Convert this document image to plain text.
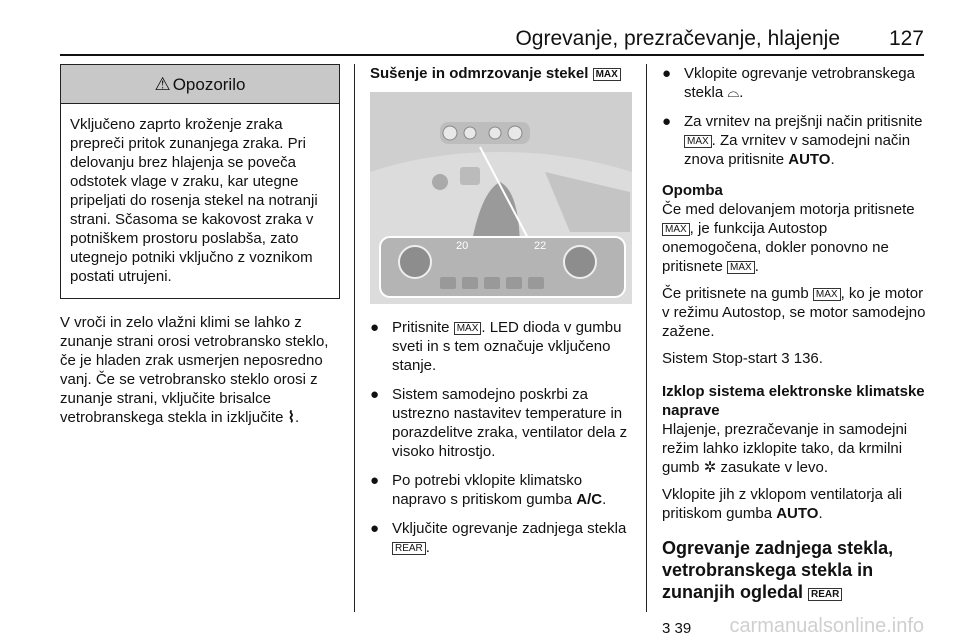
Ogrevanje, prezračevanje, hlajenje 127
⚠ Opozorilo
Vključeno zaprto kroženje zraka prepreči pritok zunanjega zraka. Pri delovanju brez hlajenja se poveča odstotek vlage v zraku, kar utegne pripeljati do rosenja stekel na notranji strani. Sčasoma se kakovost zraka v potniškem prostoru poslabša, zato utegnejo potniki vključno z voznikom postati utrujeni.

V vroči in zelo vlažni klimi se lahko z zunanje strani orosi vetrobransko steklo, če je hladen zrak usmerjen neposredno vanj. Če se vetrobransko steklo orosi z zunanje strani, vključite brisalce vetrobranskega stekla in izključite ⌇.

Sušenje in odmrzovanje stekel MAX
20	22
● Pritisnite MAX . LED dioda v gumbu sveti in s tem označuje vključeno stanje.
● Sistem samodejno poskrbi za ustrezno nastavitev temperature in porazdelitve zraka, ventilator dela z visoko hitrostjo.
● Po potrebi vklopite klimatsko napravo s pritiskom gumba A/C.
● Vključite ogrevanje zadnjega stekla REAR .
● Vklopite ogrevanje vetrobranskega stekla ⌓.
● Za vrnitev na prejšnji način pritisnite MAX . Za vrnitev v samodejni način znova pritisnite AUTO.
Opomba

Če med delovanjem motorja pritisnete MAX , je funkcija Autostop onemogočena, dokler ponovno ne pritisnete MAX .

Če pritisnete na gumb MAX , ko je motor v režimu Autostop, se motor samodejno zažene.

Sistem Stop-start 3 136.

Izklop sistema elektronske klimatske naprave

Hlajenje, prezračevanje in samodejni režim lahko izklopite tako, da krmilni gumb ✲ zasukate v levo.

Vklopite jih z vklopom ventilatorja ali pritiskom gumba AUTO.

Ogrevanje zadnjega stekla, vetrobranskega stekla in zunanjih ogledal REAR

3 39	carmanualsonline.info
